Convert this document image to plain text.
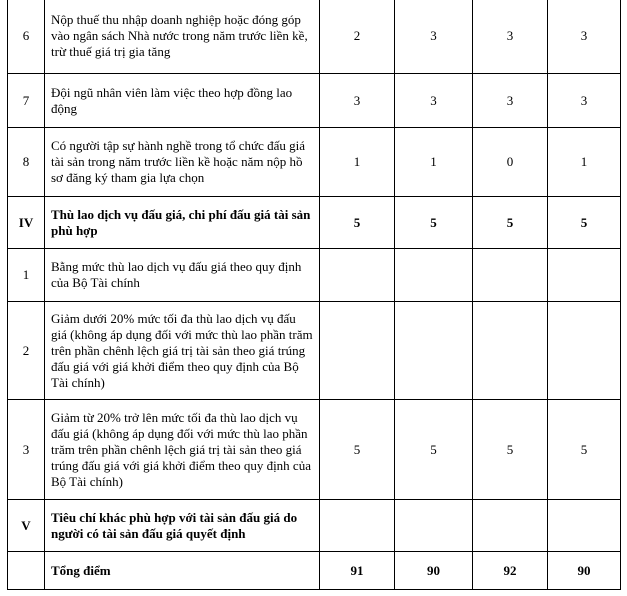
6	Nộp thuế thu nhập doanh nghiệp hoặc đóng góp vào ngân sách Nhà nước trong năm trước liền kề, trừ thuế giá trị gia tăng	2	3	3	3
7	Đội ngũ nhân viên làm việc theo hợp đồng lao động	3	3	3	3
8	Có người tập sự hành nghề trong tổ chức đấu giá tài sản trong năm trước liền kề hoặc năm nộp hồ sơ đăng ký tham gia lựa chọn	1	1	0	1
IV	Thù lao dịch vụ đấu giá, chi phí đấu giá tài sản phù hợp	5	5	5	5
1	Bằng mức thù lao dịch vụ đấu giá theo quy định của Bộ Tài chính				
2	Giảm dưới 20% mức tối đa thù lao dịch vụ đấu giá (không áp dụng đối với mức thù lao phần trăm trên phần chênh lệch giá trị tài sản theo giá trúng đấu giá với giá khởi điểm theo quy định của Bộ Tài chính)				
3	Giảm từ 20% trở lên mức tối đa thù lao dịch vụ đấu giá (không áp dụng đối với mức thù lao phần trăm trên phần chênh lệch giá trị tài sản theo giá trúng đấu giá với giá khởi điểm theo quy định của Bộ Tài chính)	5	5	5	5
V	Tiêu chí khác phù hợp với tài sản đấu giá do người có tài sản đấu giá quyết định				
	Tổng điểm	91	90	92	90
